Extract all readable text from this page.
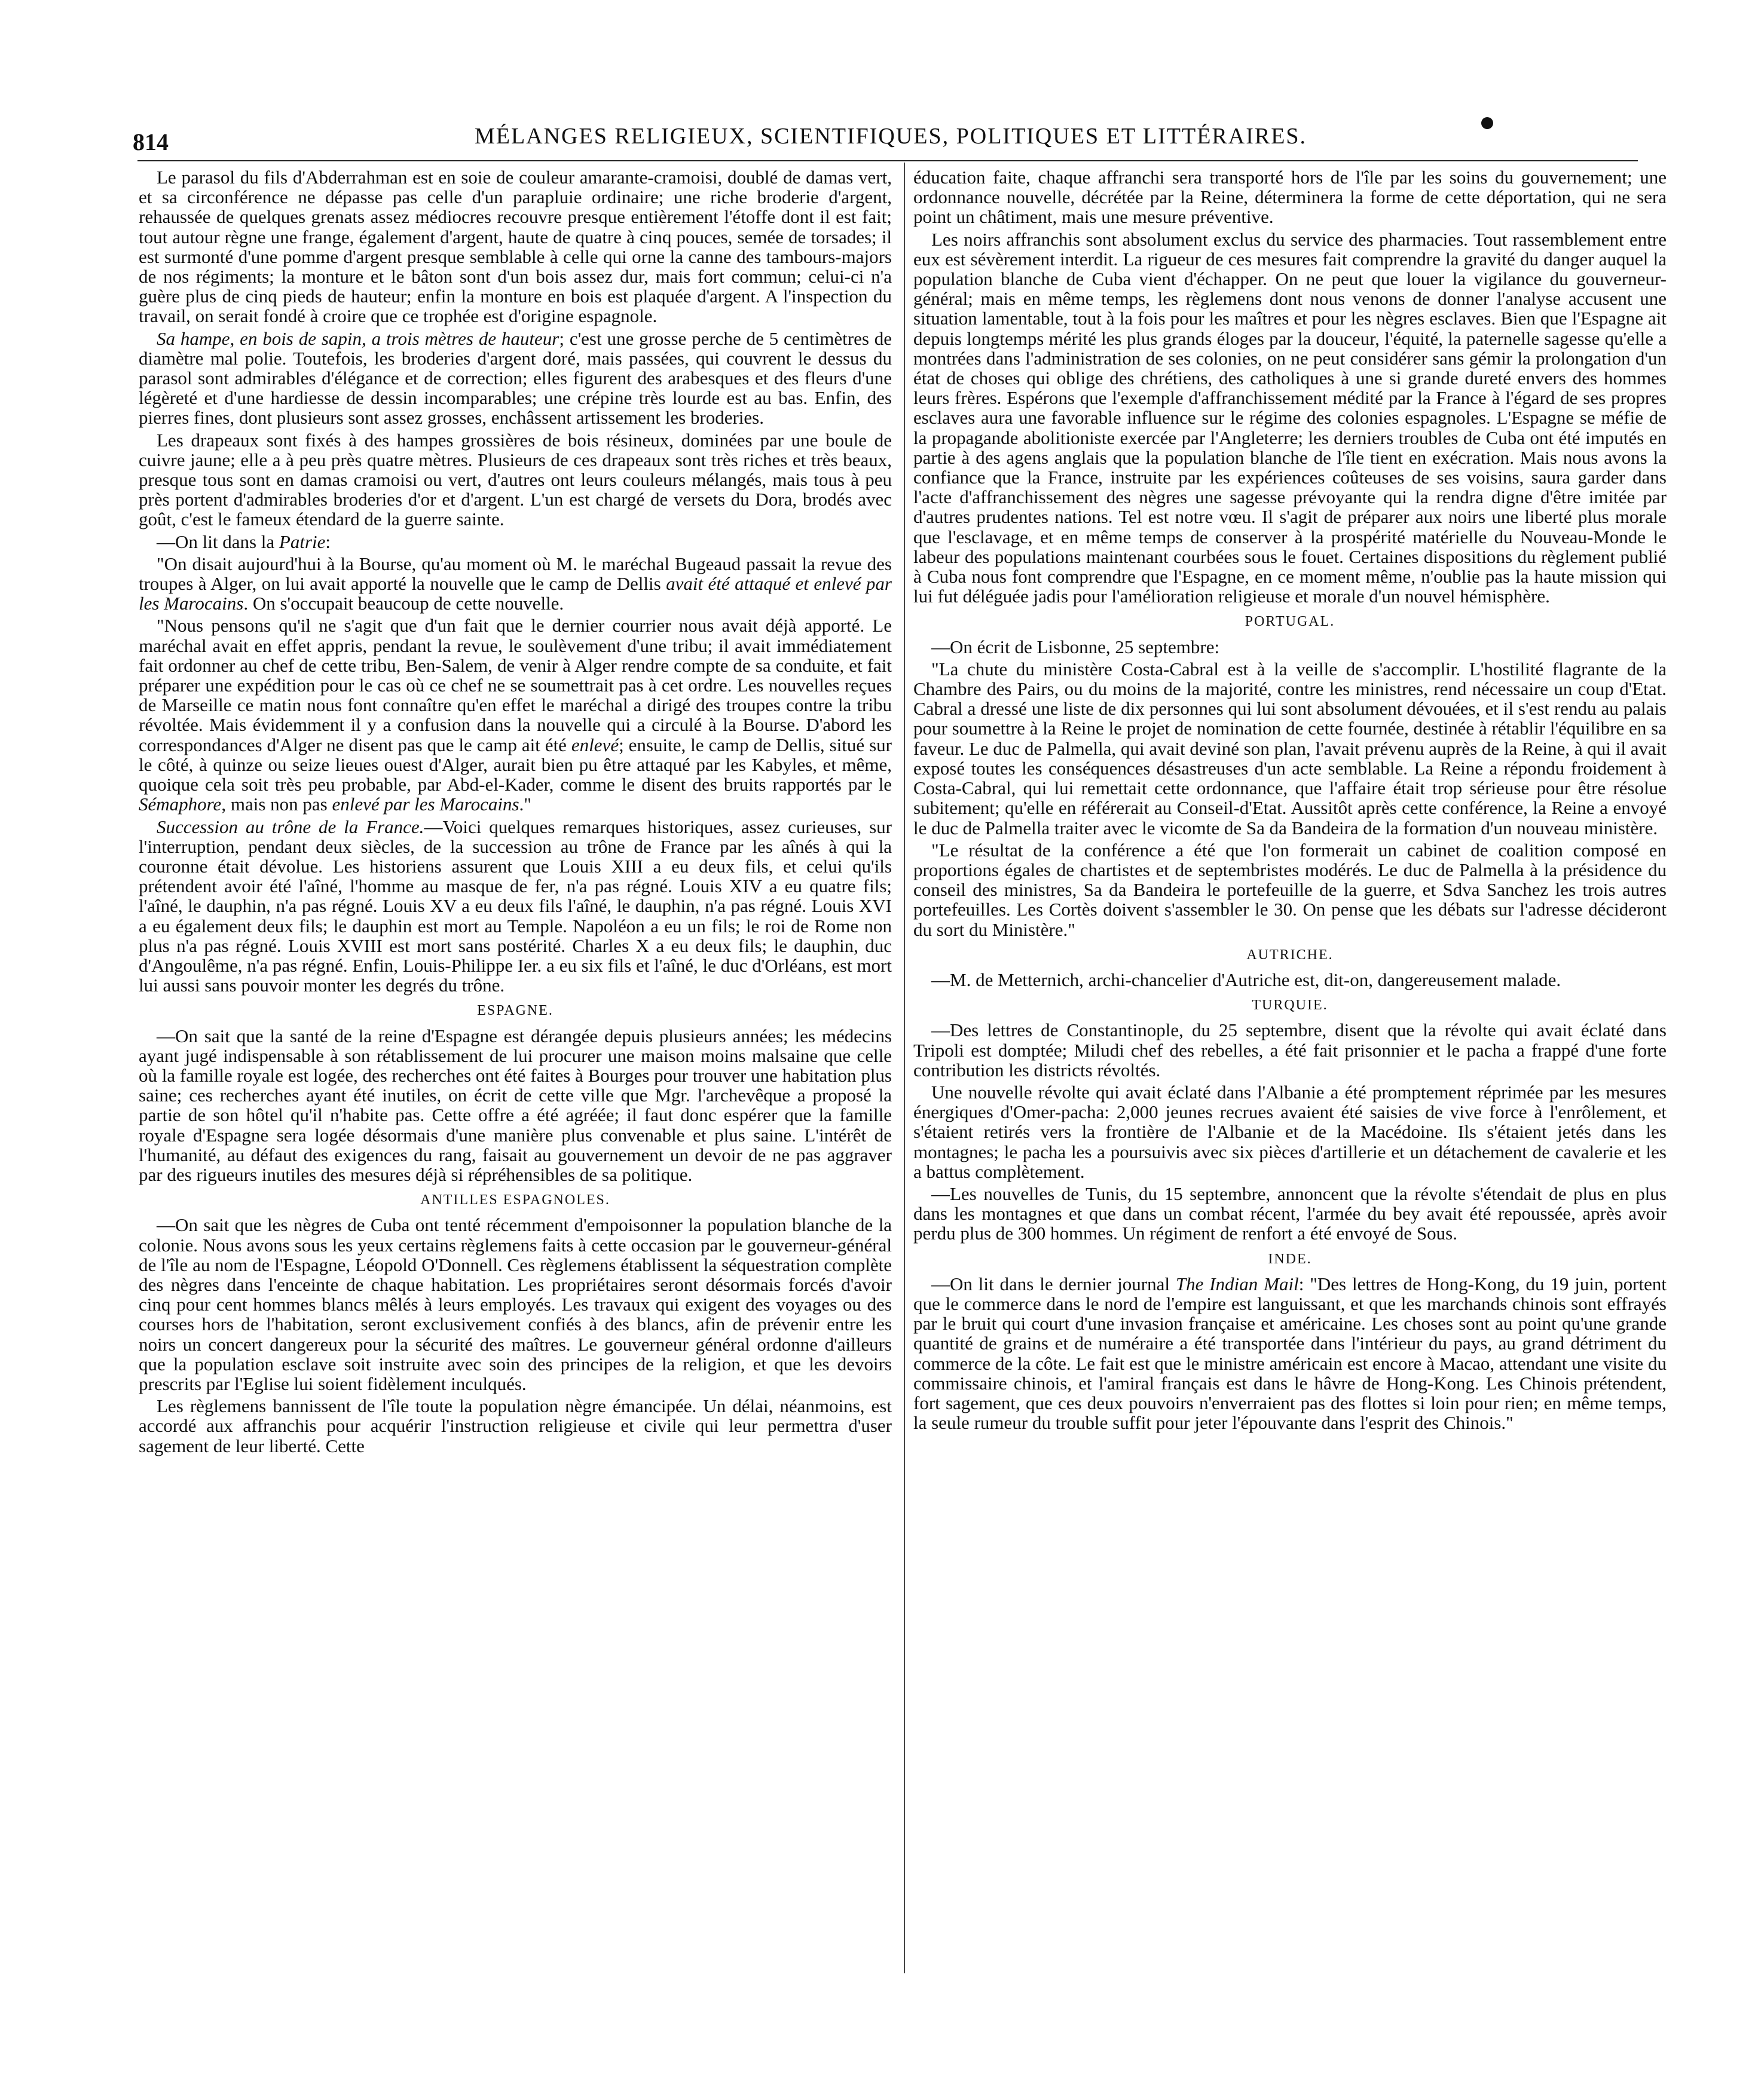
814	MÉLANGES RELIGIEUX, SCIENTIFIQUES, POLITIQUES ET LITTÉRAIRES.

Le parasol du fils d'Abderrahman est en soie de couleur amarante-cramoisi, doublé de damas vert, et sa circonférence ne dépasse pas celle d'un parapluie ordinaire; une riche broderie d'argent, rehaussée de quelques grenats assez médiocres recouvre presque entièrement l'étoffe dont il est fait; tout autour règne une frange, également d'argent, haute de quatre à cinq pouces, semée de torsades; il est surmonté d'une pomme d'argent presque semblable à celle qui orne la canne des tambours-majors de nos régiments; la monture et le bâton sont d'un bois assez dur, mais fort commun; celui-ci n'a guère plus de cinq pieds de hauteur; enfin la monture en bois est plaquée d'argent. A l'inspection du travail, on serait fondé à croire que ce trophée est d'origine espagnole.

Sa hampe, en bois de sapin, a trois mètres de hauteur; c'est une grosse perche de 5 centimètres de diamètre mal polie. Toutefois, les broderies d'argent doré, mais passées, qui couvrent le dessus du parasol sont admirables d'élégance et de correction; elles figurent des arabesques et des fleurs d'une légèreté et d'une hardiesse de dessin incomparables; une crépine très lourde est au bas. Enfin, des pierres fines, dont plusieurs sont assez grosses, enchâssent artissement les broderies.

Les drapeaux sont fixés à des hampes grossières de bois résineux, dominées par une boule de cuivre jaune; elle a à peu près quatre mètres. Plusieurs de ces drapeaux sont très riches et très beaux, presque tous sont en damas cramoisi ou vert, d'autres ont leurs couleurs mélangés, mais tous à peu près portent d'admirables broderies d'or et d'argent. L'un est chargé de versets du Dora, brodés avec goût, c'est le fameux étendard de la guerre sainte.

—On lit dans la Patrie:

"On disait aujourd'hui à la Bourse, qu'au moment où M. le maréchal Bugeaud passait la revue des troupes à Alger, on lui avait apporté la nouvelle que le camp de Dellis avait été attaqué et enlevé par les Marocains. On s'occupait beaucoup de cette nouvelle.

"Nous pensons qu'il ne s'agit que d'un fait que le dernier courrier nous avait déjà apporté. Le maréchal avait en effet appris, pendant la revue, le soulèvement d'une tribu; il avait immédiatement fait ordonner au chef de cette tribu, Ben-Salem, de venir à Alger rendre compte de sa conduite, et fait préparer une expédition pour le cas où ce chef ne se soumettrait pas à cet ordre. Les nouvelles reçues de Marseille ce matin nous font connaître qu'en effet le maréchal a dirigé des troupes contre la tribu révoltée. Mais évidemment il y a confusion dans la nouvelle qui a circulé à la Bourse. D'abord les correspondances d'Alger ne disent pas que le camp ait été enlevé; ensuite, le camp de Dellis, situé sur le côté, à quinze ou seize lieues ouest d'Alger, aurait bien pu être attaqué par les Kabyles, et même, quoique cela soit très peu probable, par Abd-el-Kader, comme le disent des bruits rapportés par le Sémaphore, mais non pas enlevé par les Marocains."

Succession au trône de la France.—Voici quelques remarques historiques, assez curieuses, sur l'interruption, pendant deux siècles, de la succession au trône de France par les aînés à qui la couronne était dévolue. Les historiens assurent que Louis XIII a eu deux fils, et celui qu'ils prétendent avoir été l'aîné, l'homme au masque de fer, n'a pas régné. Louis XIV a eu quatre fils; l'aîné, le dauphin, n'a pas régné. Louis XV a eu deux fils l'aîné, le dauphin, n'a pas régné. Louis XVI a eu également deux fils; le dauphin est mort au Temple. Napoléon a eu un fils; le roi de Rome non plus n'a pas régné. Louis XVIII est mort sans postérité. Charles X a eu deux fils; le dauphin, duc d'Angoulême, n'a pas régné. Enfin, Louis-Philippe Ier. a eu six fils et l'aîné, le duc d'Orléans, est mort lui aussi sans pouvoir monter les degrés du trône.

ESPAGNE.

—On sait que la santé de la reine d'Espagne est dérangée depuis plusieurs années; les médecins ayant jugé indispensable à son rétablissement de lui procurer une maison moins malsaine que celle où la famille royale est logée, des recherches ont été faites à Bourges pour trouver une habitation plus saine; ces recherches ayant été inutiles, on écrit de cette ville que Mgr. l'archevêque a proposé la partie de son hôtel qu'il n'habite pas. Cette offre a été agréée; il faut donc espérer que la famille royale d'Espagne sera logée désormais d'une manière plus convenable et plus saine. L'intérêt de l'humanité, au défaut des exigences du rang, faisait au gouvernement un devoir de ne pas aggraver par des rigueurs inutiles des mesures déjà si répréhensibles de sa politique.

ANTILLES ESPAGNOLES.

—On sait que les nègres de Cuba ont tenté récemment d'empoisonner la population blanche de la colonie. Nous avons sous les yeux certains règlemens faits à cette occasion par le gouverneur-général de l'île au nom de l'Espagne, Léopold O'Donnell. Ces règlemens établissent la séquestration complète des nègres dans l'enceinte de chaque habitation. Les propriétaires seront désormais forcés d'avoir cinq pour cent hommes blancs mêlés à leurs employés. Les travaux qui exigent des voyages ou des courses hors de l'habitation, seront exclusivement confiés à des blancs, afin de prévenir entre les noirs un concert dangereux pour la sécurité des maîtres. Le gouverneur général ordonne d'ailleurs que la population esclave soit instruite avec soin des principes de la religion, et que les devoirs prescrits par l'Eglise lui soient fidèlement inculqués.

Les règlemens bannissent de l'île toute la population nègre émancipée. Un délai, néanmoins, est accordé aux affranchis pour acquérir l'instruction religieuse et civile qui leur permettra d'user sagement de leur liberté. Cette

éducation faite, chaque affranchi sera transporté hors de l'île par les soins du gouvernement; une ordonnance nouvelle, décrétée par la Reine, déterminera la forme de cette déportation, qui ne sera point un châtiment, mais une mesure préventive.

Les noirs affranchis sont absolument exclus du service des pharmacies. Tout rassemblement entre eux est sévèrement interdit. La rigueur de ces mesures fait comprendre la gravité du danger auquel la population blanche de Cuba vient d'échapper. On ne peut que louer la vigilance du gouverneur-général; mais en même temps, les règlemens dont nous venons de donner l'analyse accusent une situation lamentable, tout à la fois pour les maîtres et pour les nègres esclaves. Bien que l'Espagne ait depuis longtemps mérité les plus grands éloges par la douceur, l'équité, la paternelle sagesse qu'elle a montrées dans l'administration de ses colonies, on ne peut considérer sans gémir la prolongation d'un état de choses qui oblige des chrétiens, des catholiques à une si grande dureté envers des hommes leurs frères. Espérons que l'exemple d'affranchissement médité par la France à l'égard de ses propres esclaves aura une favorable influence sur le régime des colonies espagnoles. L'Espagne se méfie de la propagande abolitioniste exercée par l'Angleterre; les derniers troubles de Cuba ont été imputés en partie à des agens anglais que la population blanche de l'île tient en exécration. Mais nous avons la confiance que la France, instruite par les expériences coûteuses de ses voisins, saura garder dans l'acte d'affranchissement des nègres une sagesse prévoyante qui la rendra digne d'être imitée par d'autres prudentes nations. Tel est notre vœu. Il s'agit de préparer aux noirs une liberté plus morale que l'esclavage, et en même temps de conserver à la prospérité matérielle du Nouveau-Monde le labeur des populations maintenant courbées sous le fouet. Certaines dispositions du règlement publié à Cuba nous font comprendre que l'Espagne, en ce moment même, n'oublie pas la haute mission qui lui fut déléguée jadis pour l'amélioration religieuse et morale d'un nouvel hémisphère.

PORTUGAL.

—On écrit de Lisbonne, 25 septembre:

"La chute du ministère Costa-Cabral est à la veille de s'accomplir. L'hostilité flagrante de la Chambre des Pairs, ou du moins de la majorité, contre les ministres, rend nécessaire un coup d'Etat. Cabral a dressé une liste de dix personnes qui lui sont absolument dévouées, et il s'est rendu au palais pour soumettre à la Reine le projet de nomination de cette fournée, destinée à rétablir l'équilibre en sa faveur. Le duc de Palmella, qui avait deviné son plan, l'avait prévenu auprès de la Reine, à qui il avait exposé toutes les conséquences désastreuses d'un acte semblable. La Reine a répondu froidement à Costa-Cabral, qui lui remettait cette ordonnance, que l'affaire était trop sérieuse pour être résolue subitement; qu'elle en référerait au Conseil-d'Etat. Aussitôt après cette conférence, la Reine a envoyé le duc de Palmella traiter avec le vicomte de Sa da Bandeira de la formation d'un nouveau ministère.

"Le résultat de la conférence a été que l'on formerait un cabinet de coalition composé en proportions égales de chartistes et de septembristes modérés. Le duc de Palmella à la présidence du conseil des ministres, Sa da Bandeira le portefeuille de la guerre, et Sdva Sanchez les trois autres portefeuilles. Les Cortès doivent s'assembler le 30. On pense que les débats sur l'adresse décideront du sort du Ministère."

AUTRICHE.

—M. de Metternich, archi-chancelier d'Autriche est, dit-on, dangereusement malade.

TURQUIE.

—Des lettres de Constantinople, du 25 septembre, disent que la révolte qui avait éclaté dans Tripoli est domptée; Miludi chef des rebelles, a été fait prisonnier et le pacha a frappé d'une forte contribution les districts révoltés.

Une nouvelle révolte qui avait éclaté dans l'Albanie a été promptement réprimée par les mesures énergiques d'Omer-pacha: 2,000 jeunes recrues avaient été saisies de vive force à l'enrôlement, et s'étaient retirés vers la frontière de l'Albanie et de la Macédoine. Ils s'étaient jetés dans les montagnes; le pacha les a poursuivis avec six pièces d'artillerie et un détachement de cavalerie et les a battus complètement.

—Les nouvelles de Tunis, du 15 septembre, annoncent que la révolte s'étendait de plus en plus dans les montagnes et que dans un combat récent, l'armée du bey avait été repoussée, après avoir perdu plus de 300 hommes. Un régiment de renfort a été envoyé de Sous.

INDE.

—On lit dans le dernier journal The Indian Mail: "Des lettres de Hong-Kong, du 19 juin, portent que le commerce dans le nord de l'empire est languissant, et que les marchands chinois sont effrayés par le bruit qui court d'une invasion française et américaine. Les choses sont au point qu'une grande quantité de grains et de numéraire a été transportée dans l'intérieur du pays, au grand détriment du commerce de la côte. Le fait est que le ministre américain est encore à Macao, attendant une visite du commissaire chinois, et l'amiral français est dans le hâvre de Hong-Kong. Les Chinois prétendent, fort sagement, que ces deux pouvoirs n'enverraient pas des flottes si loin pour rien; en même temps, la seule rumeur du trouble suffit pour jeter l'épouvante dans l'esprit des Chinois."
